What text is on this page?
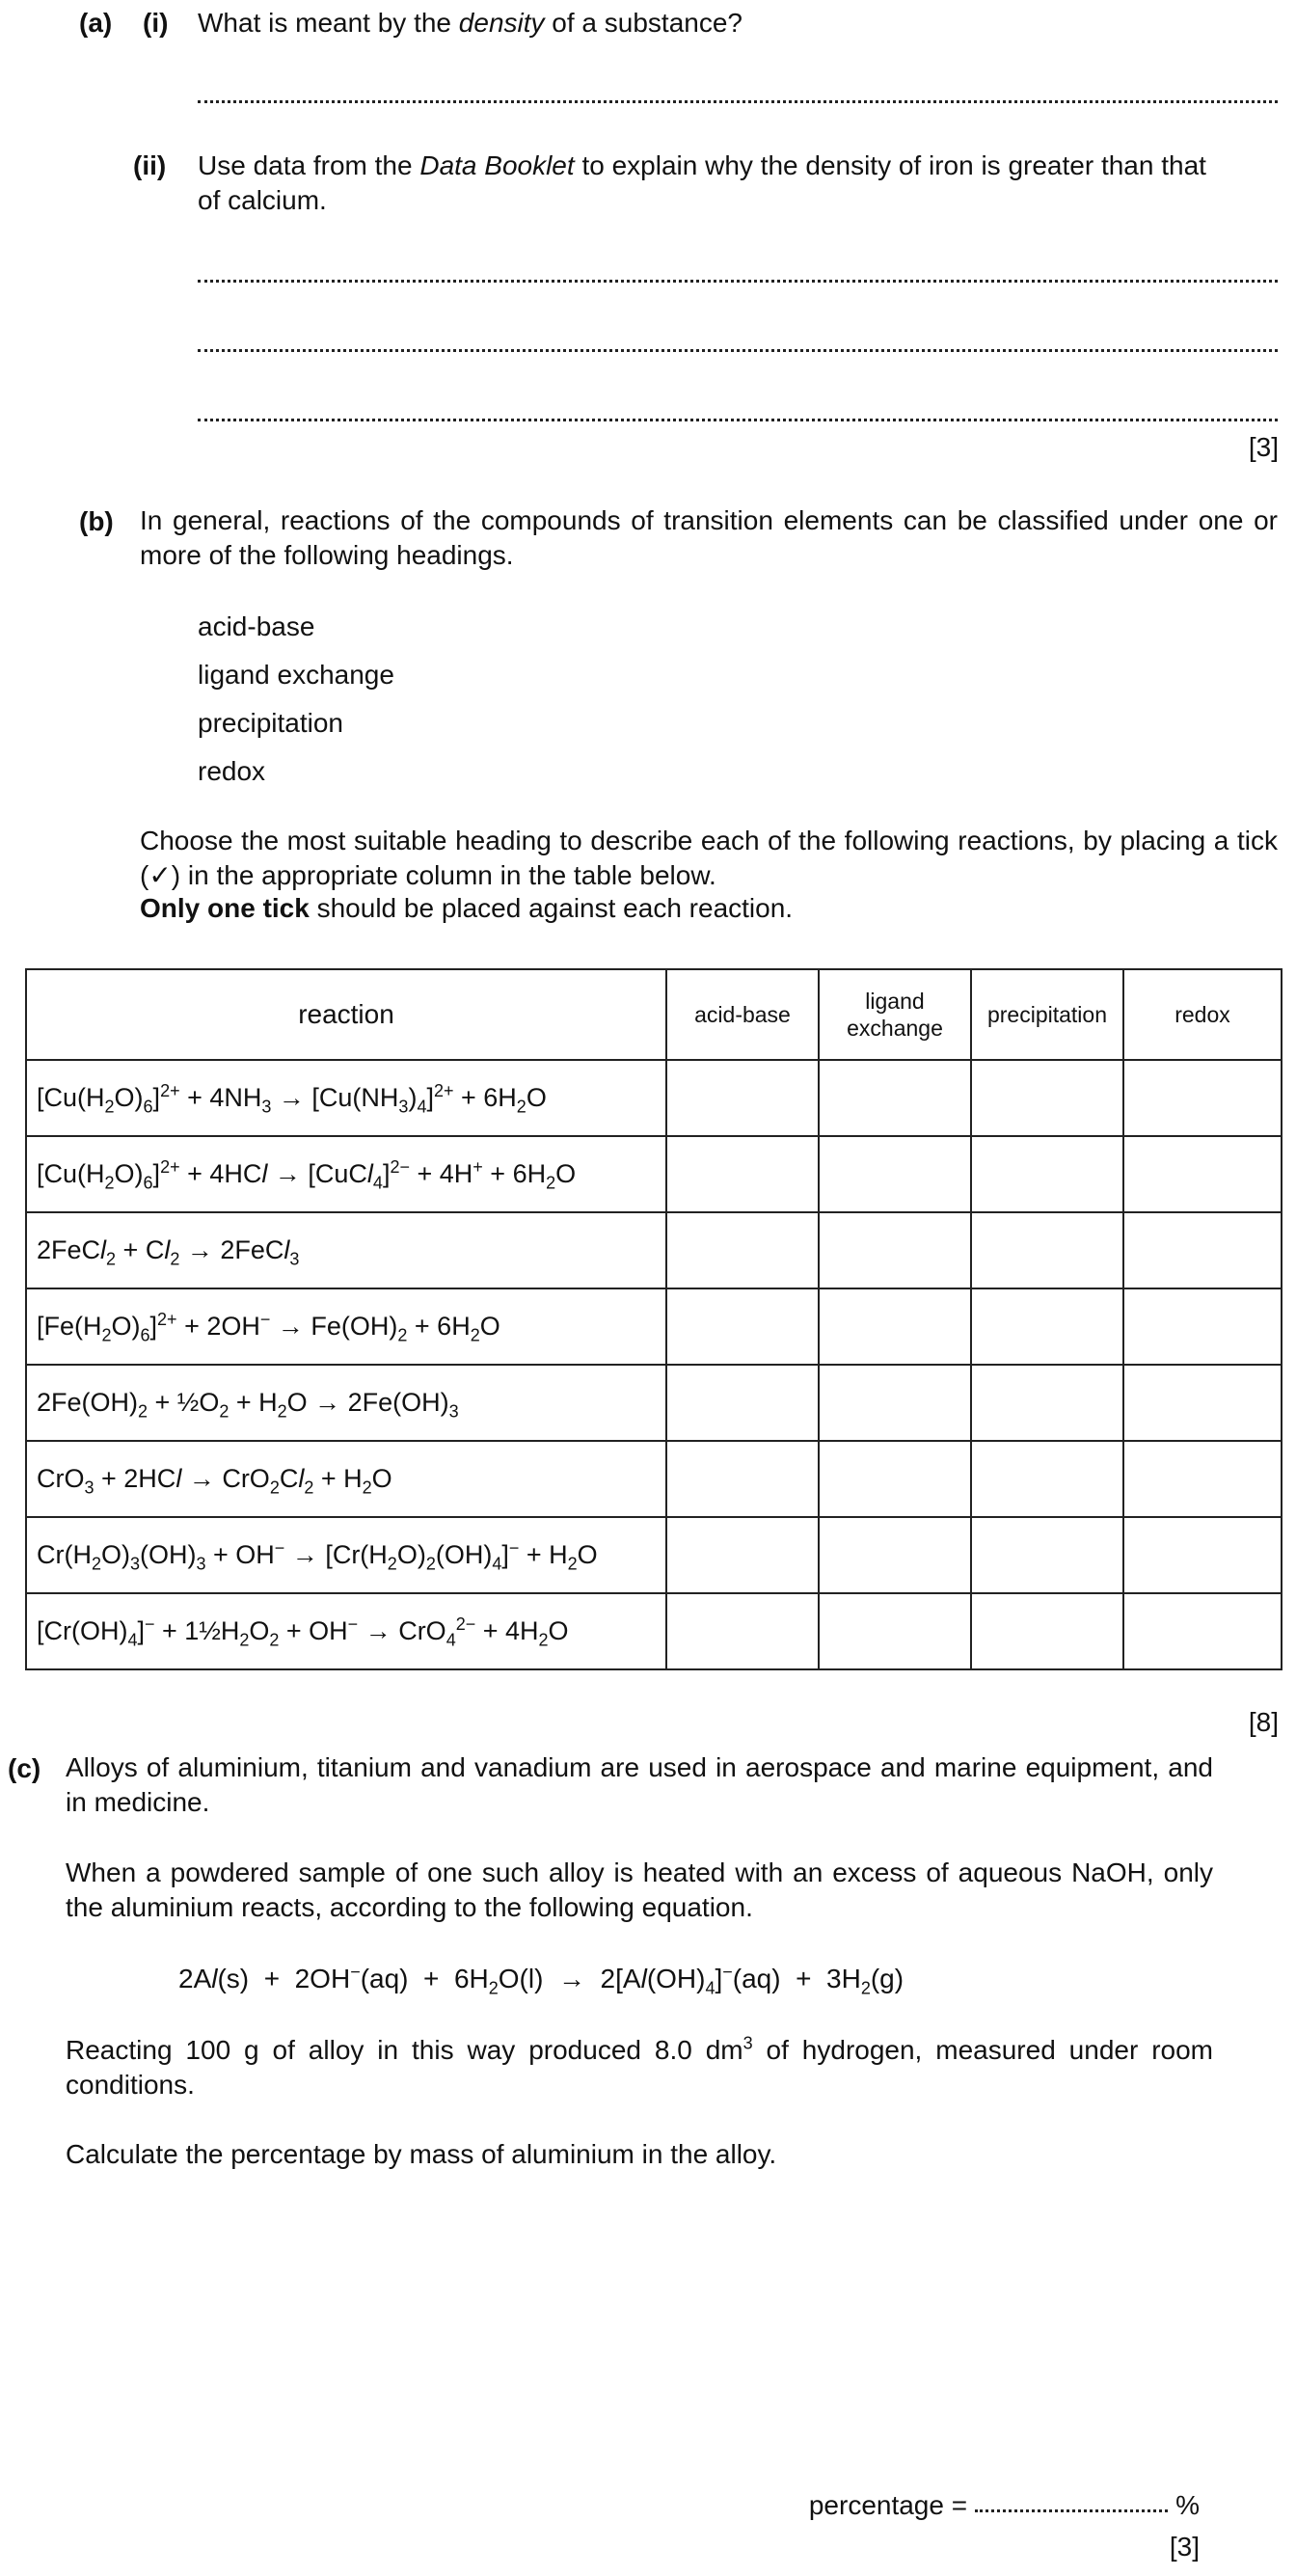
(a) (i) What is meant by the density of a substance?
(ii) Use data from the Data Booklet to explain why the density of iron is greater than that
of calcium.
[3]
(b) In general, reactions of the compounds of transition elements can be classified under one or more of the following headings.
acid-base
ligand exchange
precipitation
redox
Choose the most suitable heading to describe each of the following reactions, by placing a tick (✓) in the appropriate column in the table below.
Only one tick should be placed against each reaction.
reaction	acid-base	ligand exchange	precipitation	redox
$[Cu(H_2O)_6]^{2+} + 4NH_3 \to [Cu(NH_3)_4]^{2+} + 6H_2O$				
$[Cu(H_2O)_6]^{2+} + 4HCl$ → [CuCl$_4$]$^{2-}$ + $4H^+ + 6H_2O$				
2FeCl$_2$ + $Cl_2$ → 2FeCl$_3$				
$[Fe(H_2O)_6]^{2+} + 2OH^- \to Fe(OH)_2 + 6H_2O$				
$2Fe(OH)_2$ + $\frac{1}{2}O_2 + H_2O \to 2Fe(OH)_3$				
$CrO_3 + 2HCl \to CrO_2Cl_2 + H_2O$				
$Cr(H_2O)_3(OH)_3 + OH^- \to [Cr(H_2O)_2(OH)_4]^- + H_2O$				
$[Cr(OH)_4]^-$ + $1\frac{1}{2}H_2O_2 + OH^- \to CrO_4^{2-} + 4H_2O$				
[8]
(c) Alloys of aluminium, titanium and vanadium are used in aerospace and marine equipment, and in medicine.
When a powdered sample of one such alloy is heated with an excess of aqueous NaOH, only the aluminium reacts, according to the following equation.
$2Al(s) + 2OH^-(aq) + 6H_2O(l) \to 2[Al(OH)_4]^-(aq) + 3H_2(g)$
Reacting 100 g of alloy in this way produced 8.0 $dm^3$ of hydrogen, measured under room conditions.
Calculate the percentage by mass of aluminium in the alloy.
percentage =	%
[3]
